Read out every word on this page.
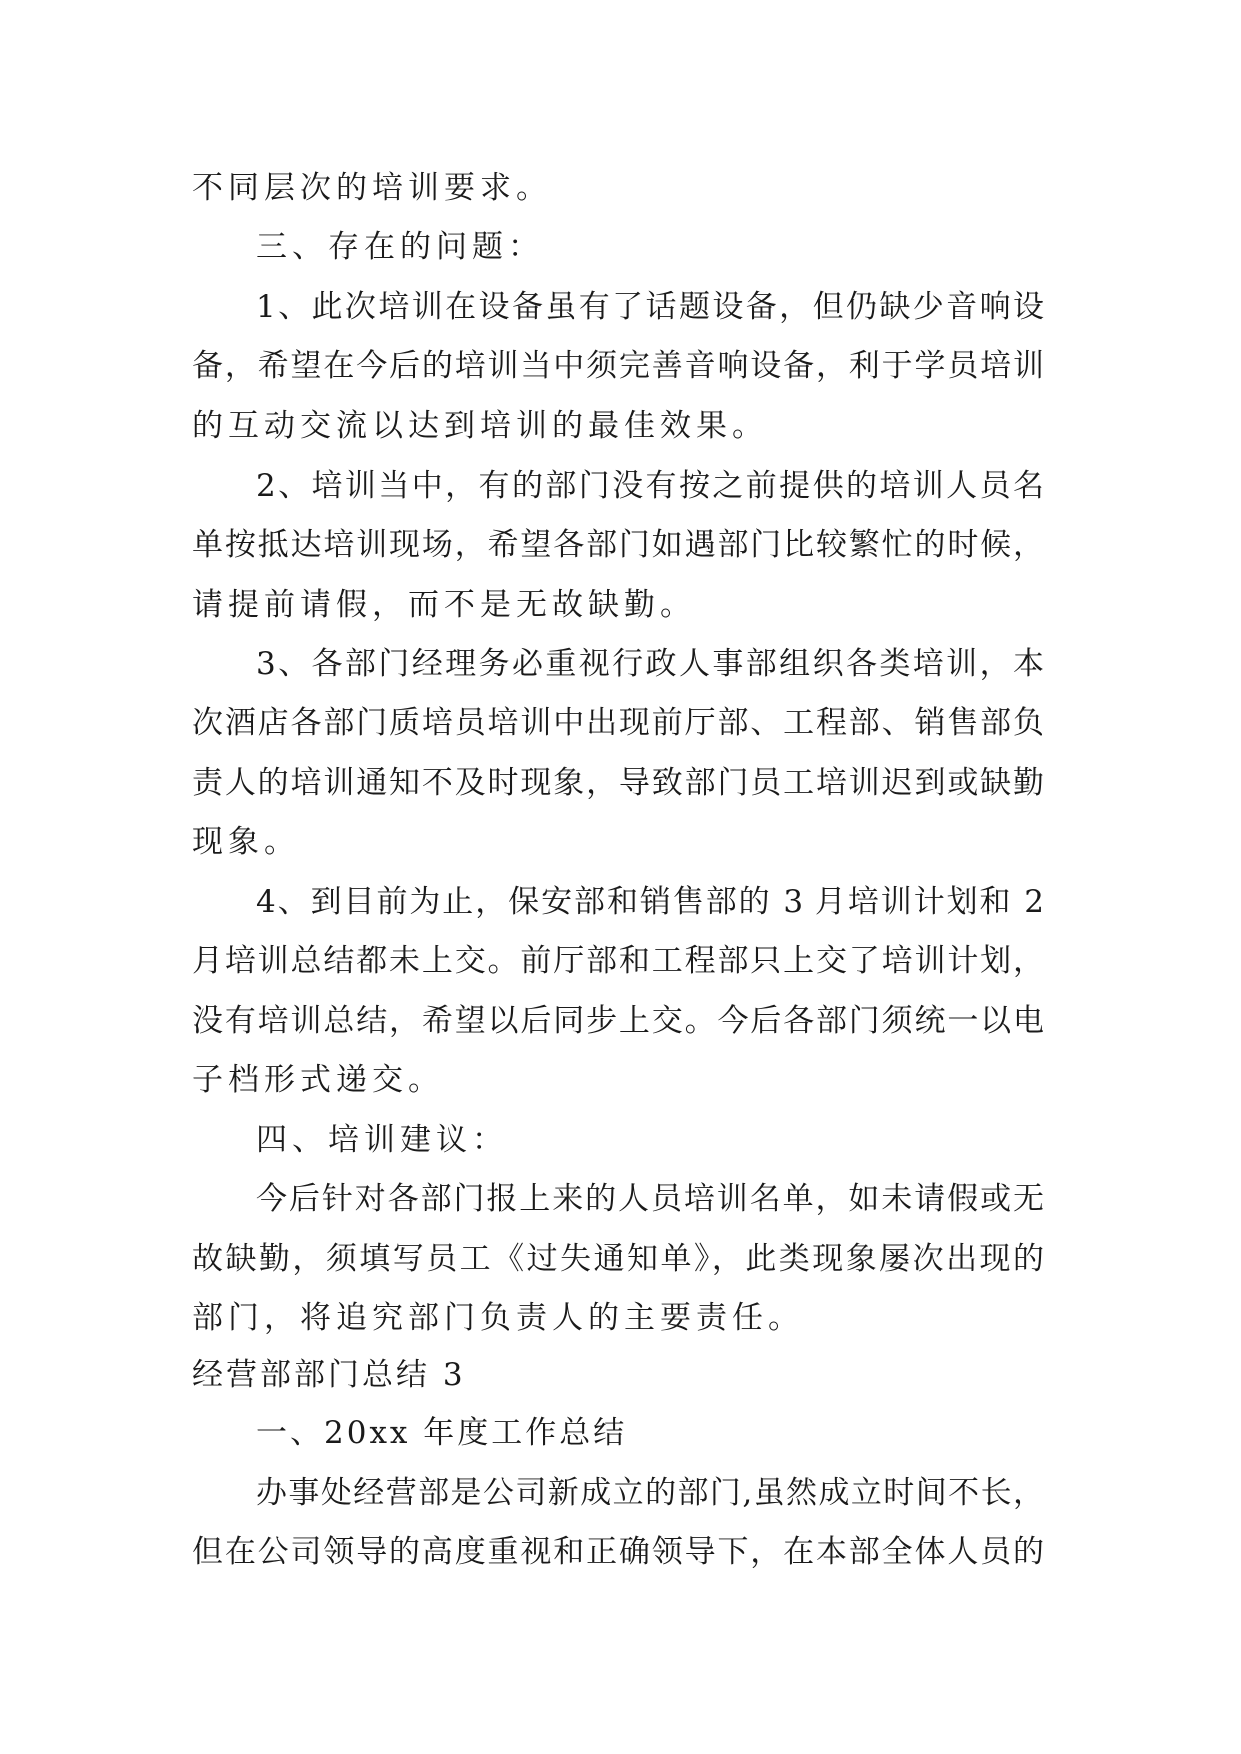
不同层次的培训要求。
三、存在的问题：
1、此次培训在设备虽有了话题设备，但仍缺少音响设
备，希望在今后的培训当中须完善音响设备，利于学员培训
的互动交流以达到培训的最佳效果。
2、培训当中，有的部门没有按之前提供的培训人员名
单按抵达培训现场，希望各部门如遇部门比较繁忙的时候，
请提前请假，而不是无故缺勤。
3、各部门经理务必重视行政人事部组织各类培训，本
次酒店各部门质培员培训中出现前厅部、工程部、销售部负
责人的培训通知不及时现象，导致部门员工培训迟到或缺勤
现象。
4、到目前为止，保安部和销售部的 3 月培训计划和 2
月培训总结都未上交。前厅部和工程部只上交了培训计划，
没有培训总结，希望以后同步上交。今后各部门须统一以电
子档形式递交。
四、培训建议：
今后针对各部门报上来的人员培训名单，如未请假或无
故缺勤，须填写员工《过失通知单》，此类现象屡次出现的
部门，将追究部门负责人的主要责任。
经营部部门总结 3
一、20xx 年度工作总结
办事处经营部是公司新成立的部门,虽然成立时间不长，
但在公司领导的高度重视和正确领导下，在本部全体人员的
